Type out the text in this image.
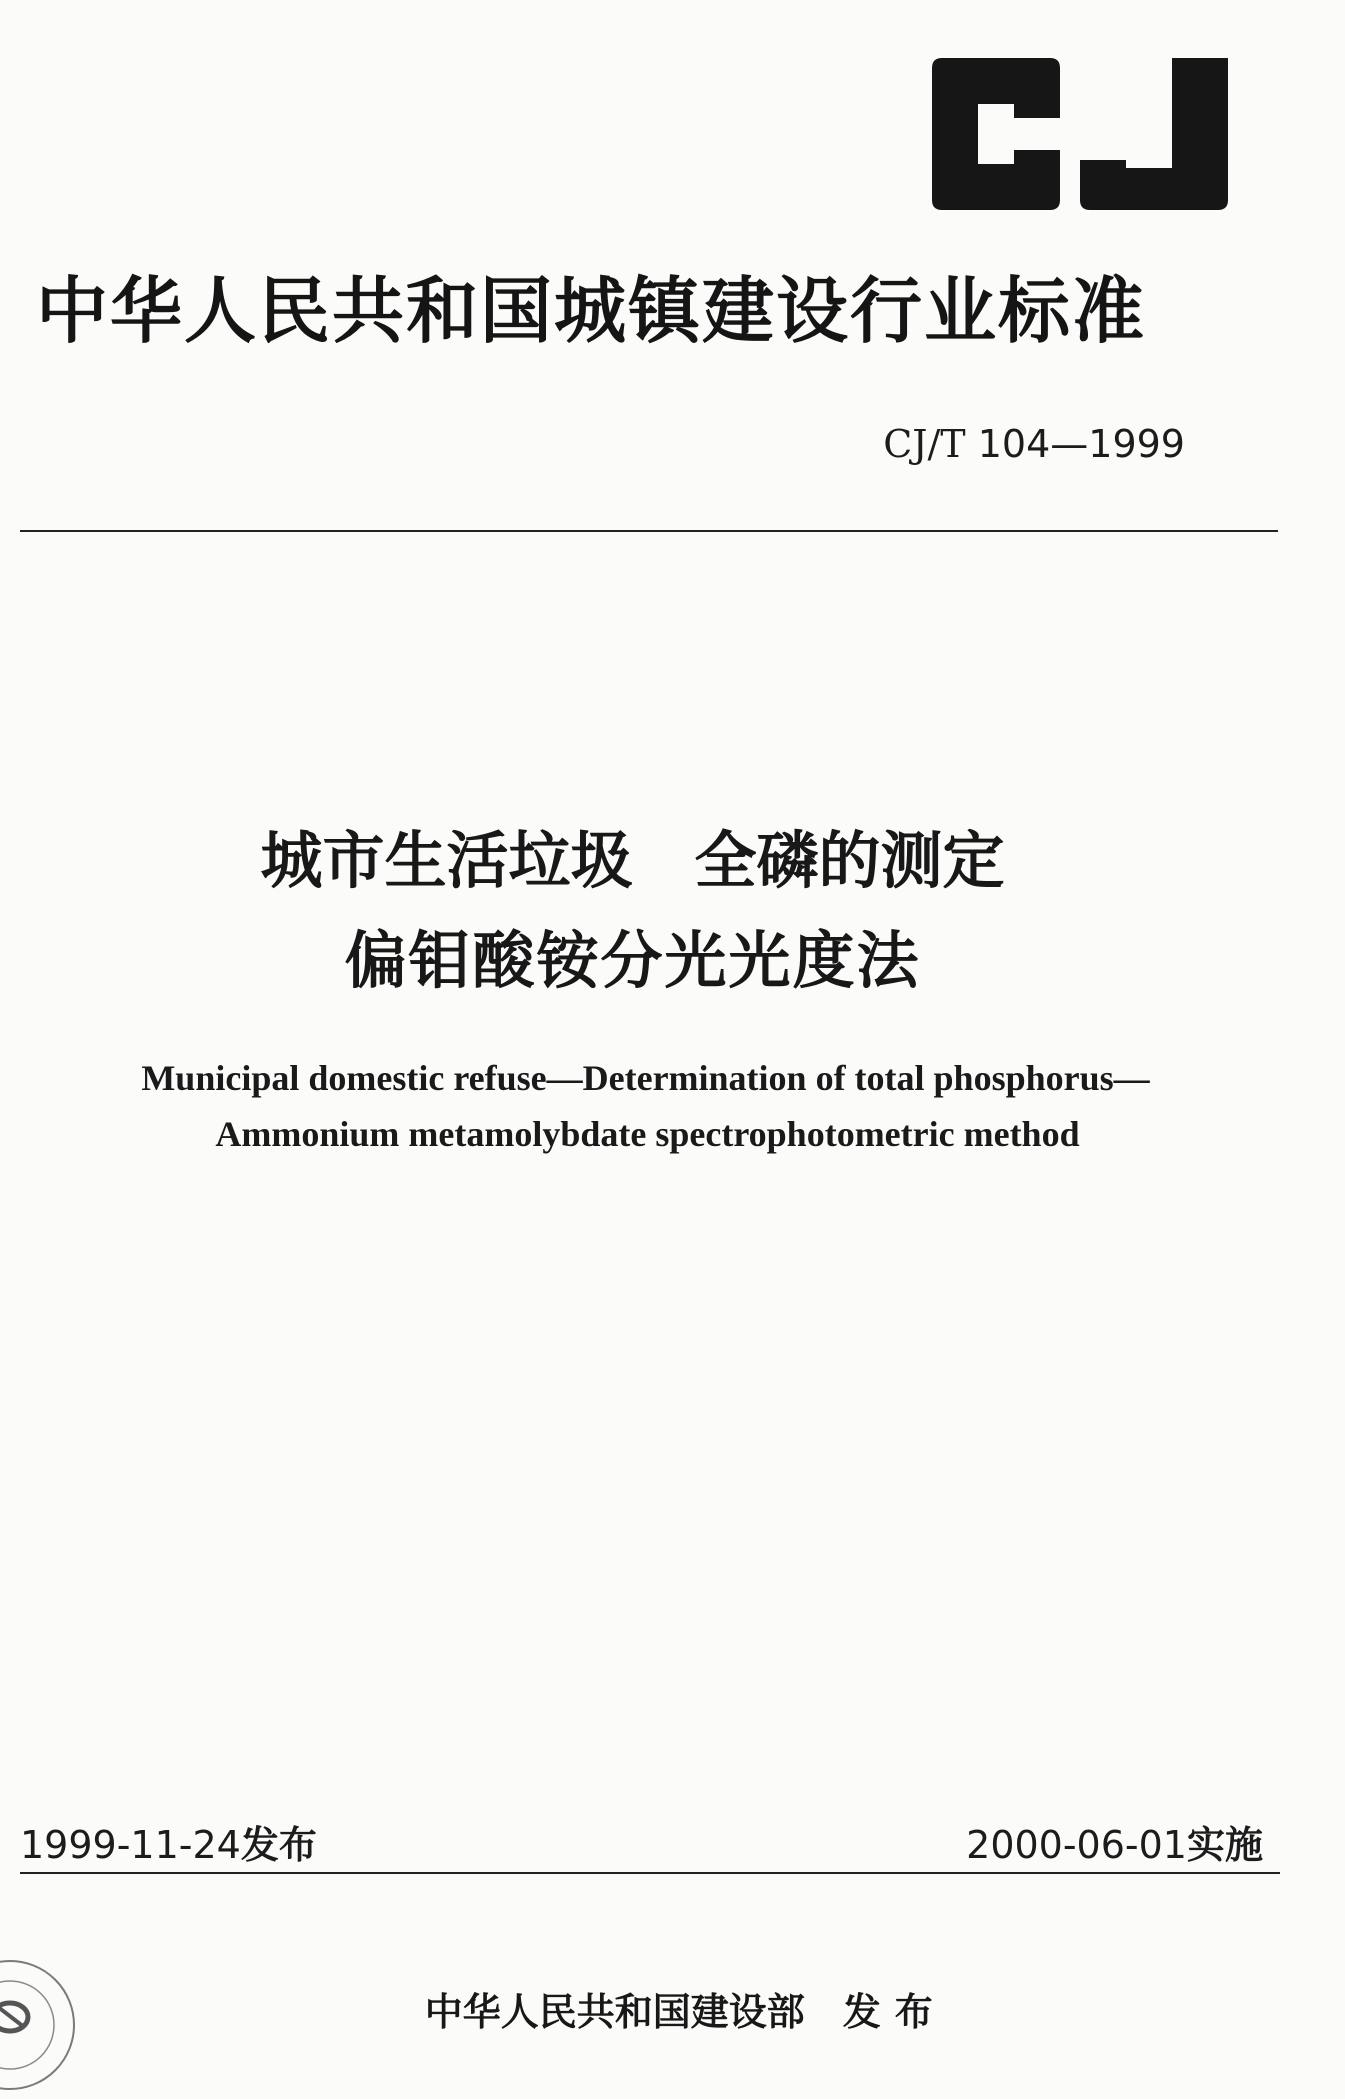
中华人民共和国城镇建设行业标准
CJ/T 104—1999
城市生活垃圾　全磷的测定
偏钼酸铵分光光度法
Municipal domestic refuse—Determination of total phosphorus—
Ammonium metamolybdate spectrophotometric method
1999-11-24发布	2000-06-01实施

中华人民共和国建设部 发布
